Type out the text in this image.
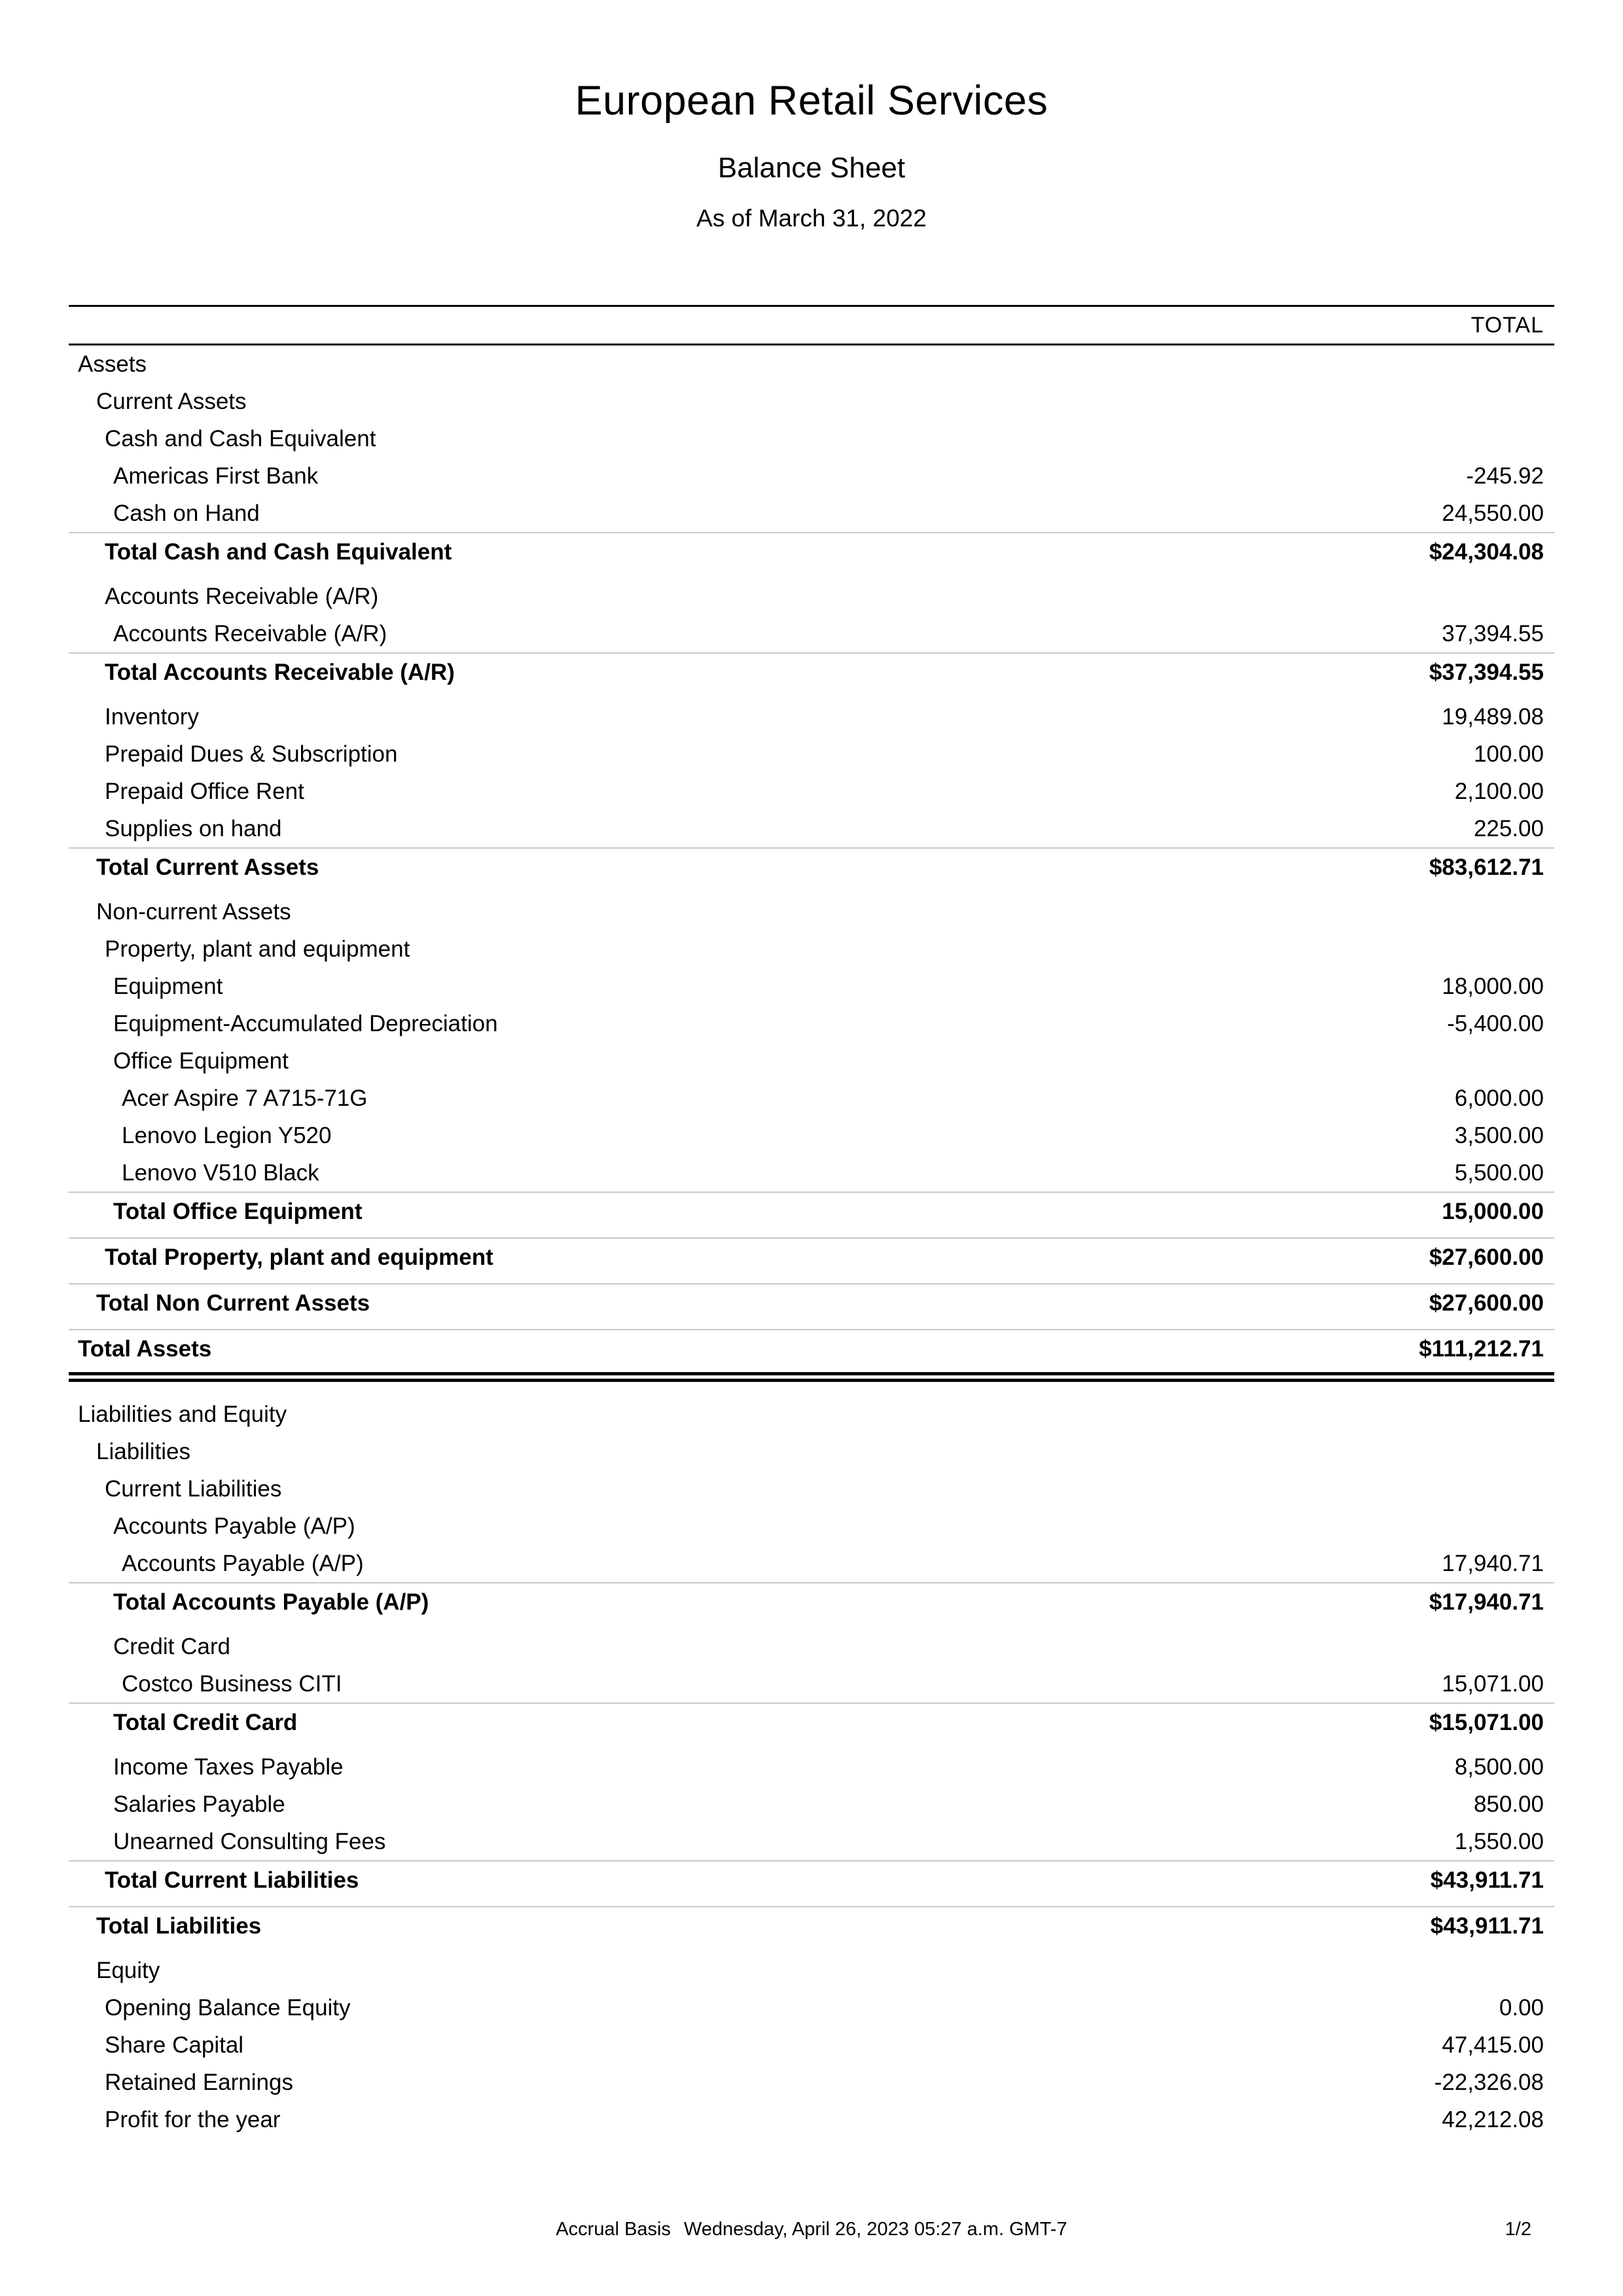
European Retail Services
Balance Sheet
As of March 31, 2022
TOTAL
Assets
Current Assets
Cash and Cash Equivalent
Americas First Bank	-245.92
Cash on Hand	24,550.00
Total Cash and Cash Equivalent	$24,304.08
Accounts Receivable (A/R)
Accounts Receivable (A/R)	37,394.55
Total Accounts Receivable (A/R)	$37,394.55
Inventory	19,489.08
Prepaid Dues & Subscription	100.00
Prepaid Office Rent	2,100.00
Supplies on hand	225.00
Total Current Assets	$83,612.71
Non-current Assets
Property, plant and equipment
Equipment	18,000.00
Equipment-Accumulated Depreciation	-5,400.00
Office Equipment
Acer Aspire 7 A715-71G	6,000.00
Lenovo Legion Y520	3,500.00
Lenovo V510 Black	5,500.00
Total Office Equipment	15,000.00
Total Property, plant and equipment	$27,600.00
Total Non Current Assets	$27,600.00
Total Assets	$111,212.71
Liabilities and Equity
Liabilities
Current Liabilities
Accounts Payable (A/P)
Accounts Payable (A/P)	17,940.71
Total Accounts Payable (A/P)	$17,940.71
Credit Card
Costco Business CITI	15,071.00
Total Credit Card	$15,071.00
Income Taxes Payable	8,500.00
Salaries Payable	850.00
Unearned Consulting Fees	1,550.00
Total Current Liabilities	$43,911.71
Total Liabilities	$43,911.71
Equity
Opening Balance Equity	0.00
Share Capital	47,415.00
Retained Earnings	-22,326.08
Profit for the year	42,212.08
Accrual Basis Wednesday, April 26, 2023 05:27 a.m. GMT-7	1/2
